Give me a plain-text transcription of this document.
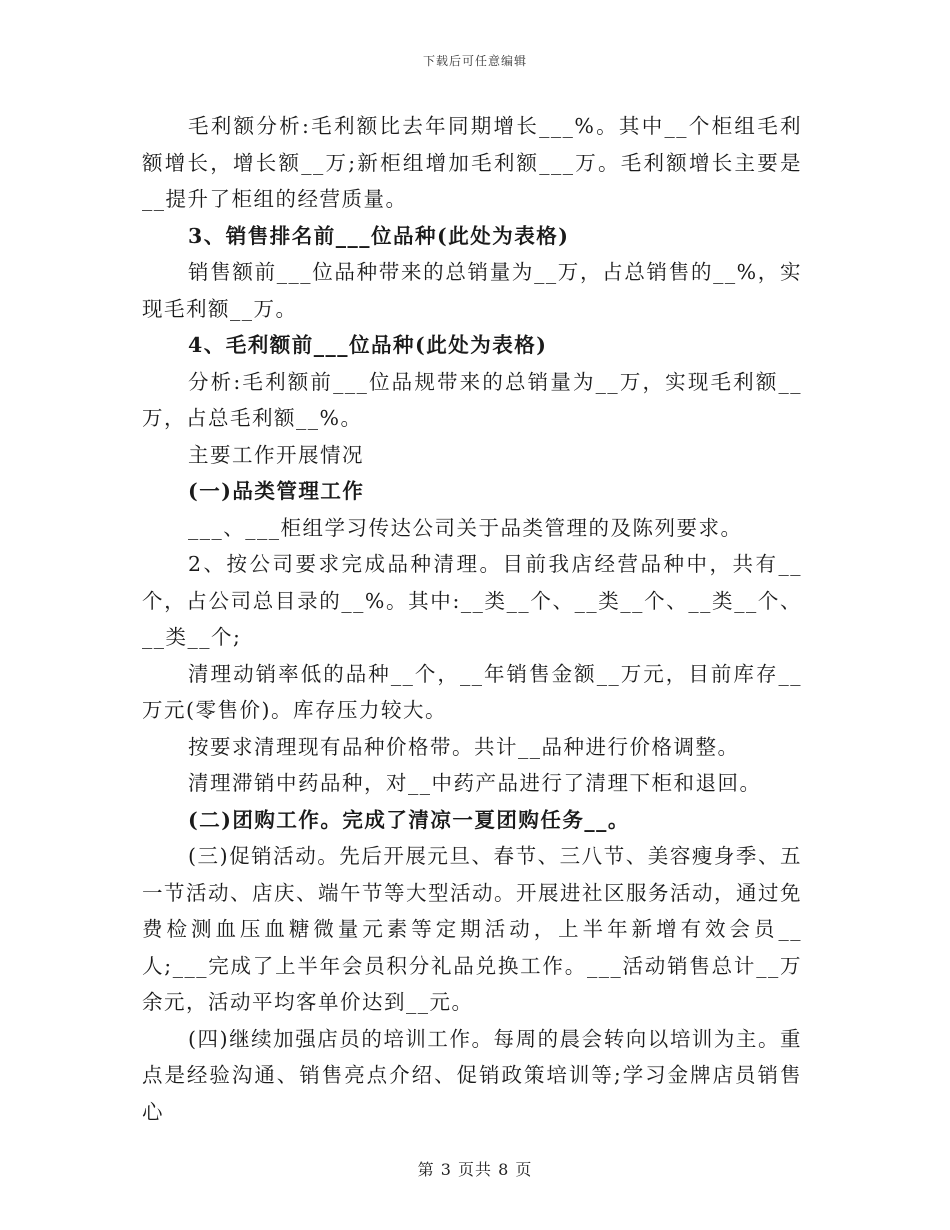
下载后可任意编辑

毛利额分析:毛利额比去年同期增长___%。其中__个柜组毛利额增长，增长额__万;新柜组增加毛利额___万。毛利额增长主要是__提升了柜组的经营质量。

3、销售排名前___位品种(此处为表格)

销售额前___位品种带来的总销量为__万，占总销售的__%，实现毛利额__万。

4、毛利额前___位品种(此处为表格)

分析:毛利额前___位品规带来的总销量为__万，实现毛利额__万，占总毛利额__%。

主要工作开展情况

(一)品类管理工作

___、___柜组学习传达公司关于品类管理的及陈列要求。

2、按公司要求完成品种清理。目前我店经营品种中，共有__个，占公司总目录的__%。其中:__类__个、__类__个、__类__个、__类__个;

清理动销率低的品种__个，__年销售金额__万元，目前库存__万元(零售价)。库存压力较大。

按要求清理现有品种价格带。共计__品种进行价格调整。

清理滞销中药品种，对__中药产品进行了清理下柜和退回。

(二)团购工作。完成了清凉一夏团购任务__。

(三)促销活动。先后开展元旦、春节、三八节、美容瘦身季、五一节活动、店庆、端午节等大型活动。开展进社区服务活动，通过免费检测血压血糖微量元素等定期活动，上半年新增有效会员__人;___完成了上半年会员积分礼品兑换工作。___活动销售总计__万余元，活动平均客单价达到__元。

(四)继续加强店员的培训工作。每周的晨会转向以培训为主。重点是经验沟通、销售亮点介绍、促销政策培训等;学习金牌店员销售心

第 3 页共 8 页
